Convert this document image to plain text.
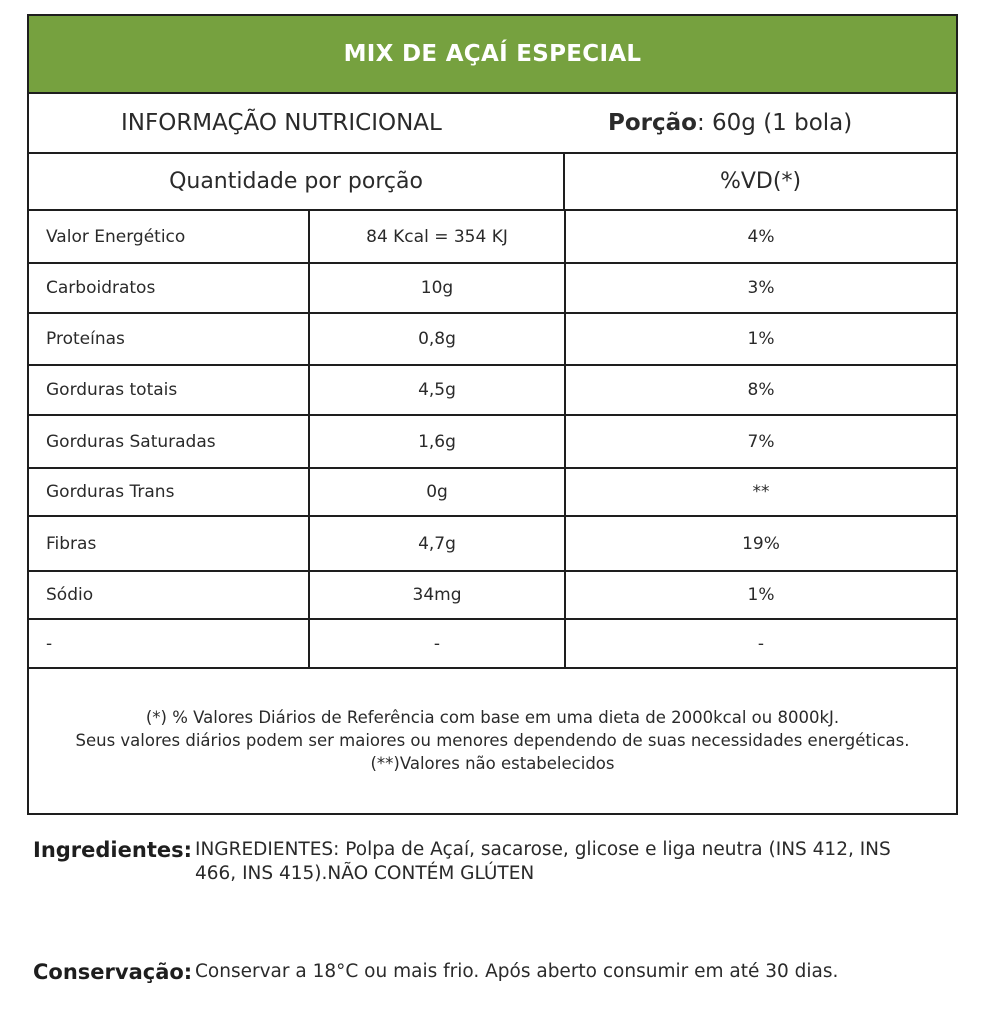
MIX DE AÇAÍ ESPECIAL
INFORMAÇÃO NUTRICIONAL	Porção: 60g (1 bola)
Quantidade por porção	%VD(*)
Valor Energético	84 Kcal = 354 KJ	4%
Carboidratos	10g	3%
Proteínas	0,8g	1%
Gorduras totais	4,5g	8%
Gorduras Saturadas	1,6g	7%
Gorduras Trans	0g	**
Fibras	4,7g	19%
Sódio	34mg	1%
-	-	-
(*) % Valores Diários de Referência com base em uma dieta de 2000kcal ou 8000kJ.
Seus valores diários podem ser maiores ou menores dependendo de suas necessidades energéticas.
(**)Valores não estabelecidos
Ingredientes: INGREDIENTES: Polpa de Açaí, sacarose, glicose e liga neutra (INS 412, INS 466, INS 415).NÃO CONTÉM GLÚTEN
Conservação: Conservar a 18°C ou mais frio. Após aberto consumir em até 30 dias.
